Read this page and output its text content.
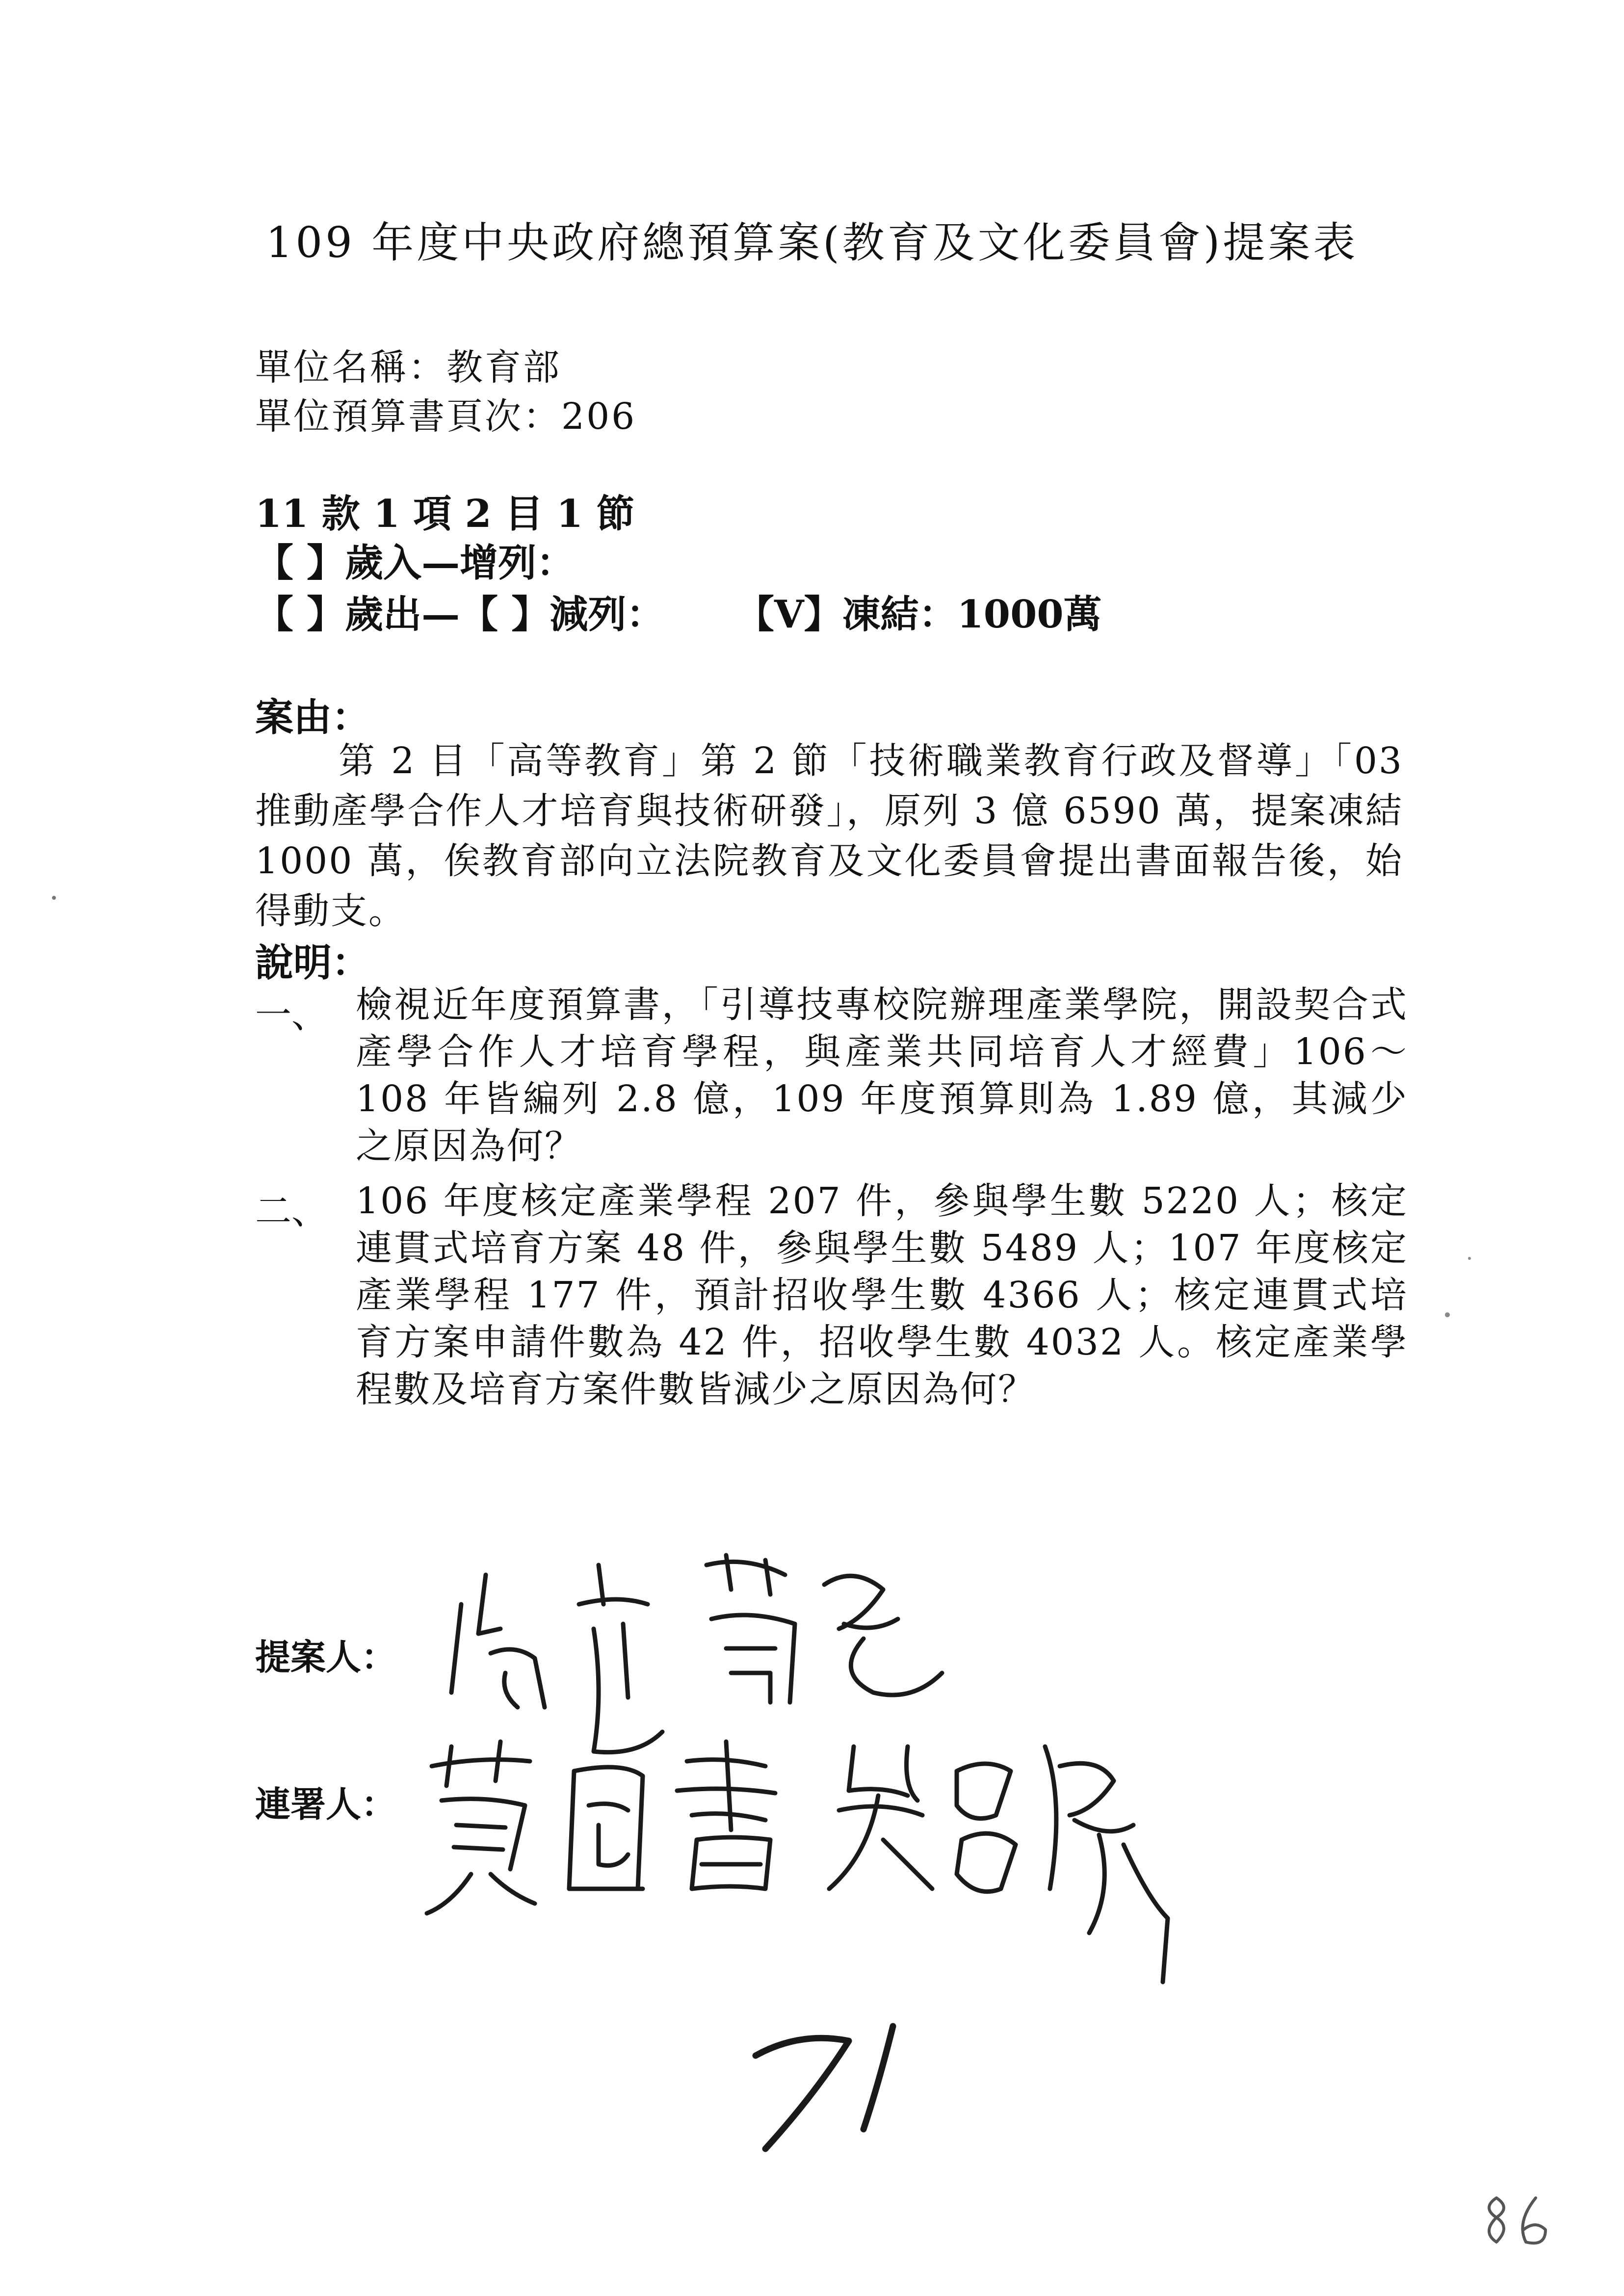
109 年度中央政府總預算案(教育及文化委員會)提案表
單位名稱：教育部
單位預算書頁次：206
11 款 1 項 2 目 1 節
【 】歲入—增列：
【 】歲出—【 】減列： 【V】凍結：1000萬
案由：
第 2 目「高等教育」第 2 節「技術職業教育行政及督導」「03 推動產學合作人才培育與技術研發」，原列 3 億 6590 萬，提案凍結 1000 萬，俟教育部向立法院教育及文化委員會提出書面報告後，始得動支。
說明：
一、 檢視近年度預算書，「引導技專校院辦理產業學院，開設契合式產學合作人才培育學程，與產業共同培育人才經費」106～108 年皆編列 2.8 億，109 年度預算則為 1.89 億，其減少之原因為何？
二、 106 年度核定產業學程 207 件，參與學生數 5220 人；核定連貫式培育方案 48 件，參與學生數 5489 人；107 年度核定產業學程 177 件，預計招收學生數 4366 人；核定連貫式培育方案申請件數為 42 件，招收學生數 4032 人。核定產業學程數及培育方案件數皆減少之原因為何？
提案人：
連署人：
